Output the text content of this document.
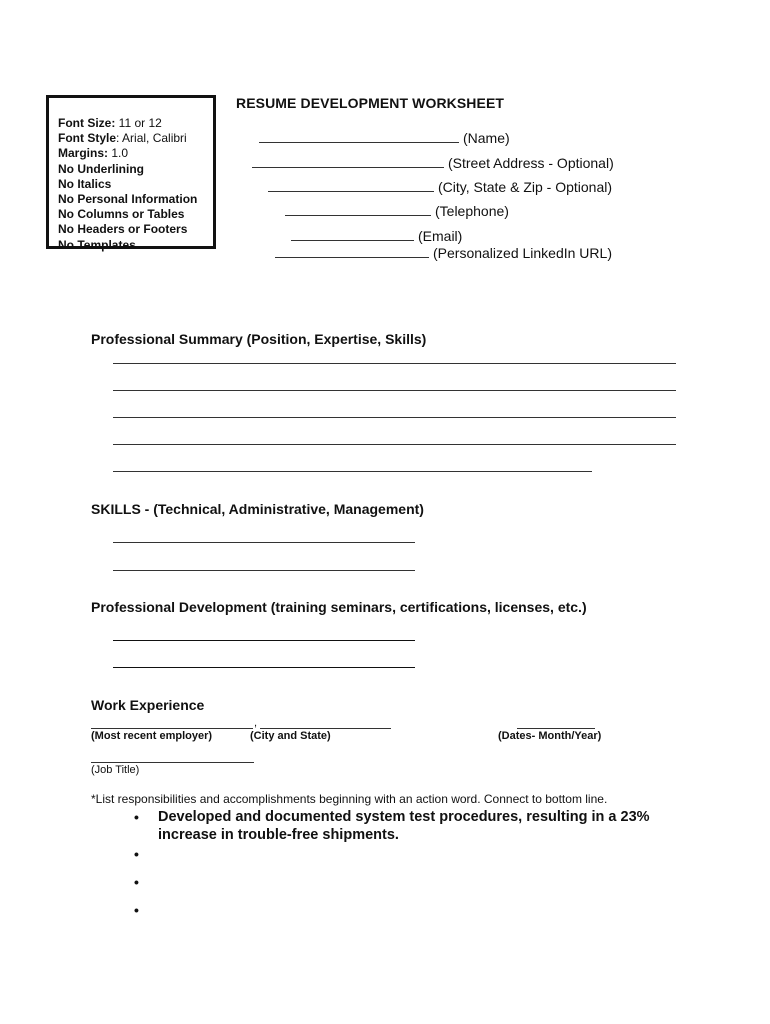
Font Size: 11 or 12
Font Style: Arial, Calibri
Margins: 1.0
No Underlining
No Italics
No Personal Information
No Columns or Tables
No Headers or Footers
No Templates
RESUME DEVELOPMENT WORKSHEET
(Name)
(Street Address - Optional)
(City, State & Zip - Optional)
(Telephone)
(Email)
(Personalized LinkedIn URL)
Professional Summary (Position, Expertise, Skills)
SKILLS - (Technical, Administrative, Management)
Professional Development (training seminars, certifications, licenses, etc.)
Work Experience
,
(Most recent employer)	(City and State)	(Dates- Month/Year)
(Job Title)
*List responsibilities and accomplishments beginning with an action word. Connect to bottom line.
• Developed and documented system test procedures, resulting in a 23% increase in trouble-free shipments.
•
•
•
